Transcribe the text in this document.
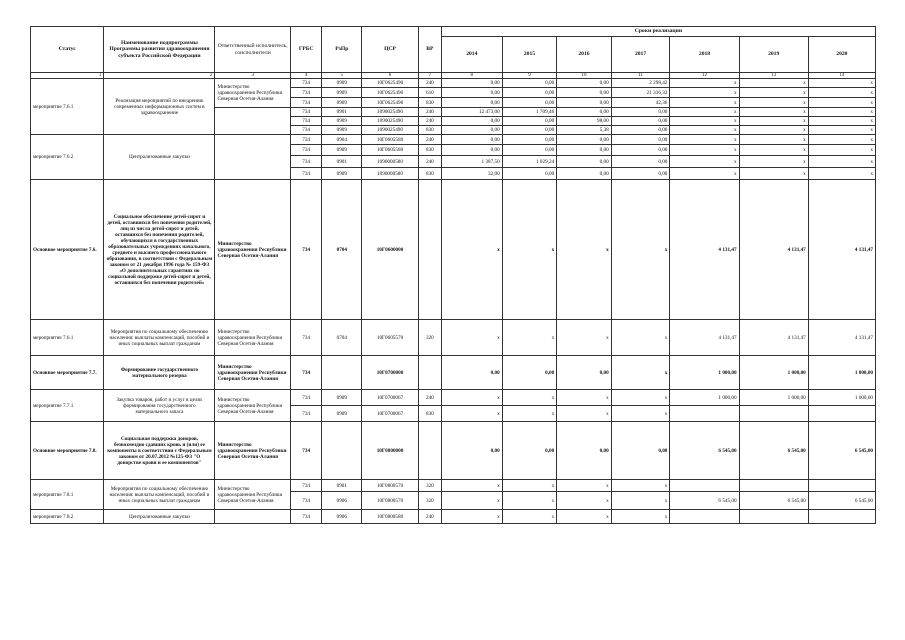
Статус	Наименование подпрограммы Программы развития здравоохранения субъекта Российской Федерации	Ответственный исполнитель, соисполнители	ГРБС	РзПр	ЦСР	ВР	Сроки реализации						
							2014	2015	2016	2017	2018	2019	2020
1	2	3	4	5	6	7	8	9	10	11	12	13	14
мероприятие 7.6.1	Реализация мероприятий по внедрению современных информационных систем в здравоохранение	Министерство здравоохранения Республики Северная Осетия-Алания	734	0909	10Г0625490	240	0,00	0,00	0,00	2 298,42	x	x	x
			734	0909	10Г0625490	610	0,00	0,00	0,00	21 336,33	x	x	x
			734	0909	10Г0625490	830	0,00	0,00	0,00	42,36	x	x	x
			734	0901	1090025490	240	12 473,00	1 709,46	0,00	0,00	x	x	x
			734	0909	1090025490	240	0,00	0,00	98,00	0,00	x	x	x
			734	0909	1090025490	830	0,00	0,00	5,38	0,00	x	x	x
мероприятие 7.6.2	Централизованные закупки		734	0904	10Г0605580	240	0,00	0,00	0,00	0,00	x	x	x
			734	0909	10Г0605580	830	0,00	0,00	0,00	0,00	x	x	x
			734	0901	1090000580	240	1 387,50	1 029,24	0,00	0,00	x	x	x
			734	0909	1090000580	830	32,00	0,00	0,00	0,00	x	x	x
Основное мероприятие 7.6.	Социальное обеспечение детей-сирот и детей, оставшихся без попечения родителей, лиц из числа детей-сирот и детей, оставшихся без попечения родителей, обучающихся в государственных образовательных учреждениях начального, среднего и высшего профессионального образования, в соответствии с Федеральным законом от 21 декабря 1996 года № 159-ФЗ «О дополнительных гарантиях по социальной поддержке детей-сирот и детей, оставшихся без попечения родителей»	Министерство здравоохранения Республики Северная Осетия-Алания	734	0704	10Г0600000		x	x	x	x	4 131,47	4 131,47	4 131,47
мероприятие 7.6.1	Мероприятия по социальному обеспечению населения: выплаты компенсаций, пособий и иных социальных выплат гражданам	Министерство здравоохранения Республики Северная Осетия-Алания	734	0704	10Г0605570	320	x	x	x	x	4 131,47	4 131,47	4 131,47
Основное мероприятие 7.7.	Формирование государственного материального резерва	Министерство здравоохранения Республики Северная Осетия-Алания	734		10Г0700000		0,00	0,00	0,00	x	1 000,00	1 000,00	1 000,00
мероприятие 7.7.1	Закупка товаров, работ и услуг в целях формирования государственного материального запаса	Министерство здравоохранения Республики Северная Осетия-Алания	734	0909	10Г0700067	240	x	x	x	x	1 000,00	1 000,00	1 000,00
			734	0909	10Г0700067	830	x	x	x	x			
Основное мероприятие 7.8.	Социальная поддержка доноров, безвозмездно сдавших кровь и (или) ее компоненты в соответствии с Федеральным законом от 20.07.2012 №125-ФЗ "О донорстве крови и ее компонентов"	Министерство здравоохранения Республики Северная Осетия-Алания	734		10Г0800000		0,00	0,00	0,00	0,00	6 545,00	6 545,00	6 545,00
мероприятие 7.8.1	Мероприятия по социальному обеспечению населения: выплаты компенсаций, пособий и иных социальных выплат гражданам	Министерство здравоохранения Республики Северная Осетия-Алания	734	0901	10Г0800570	320	x	x	x	x			
			734	0906	10Г0800570	320	x	x	x	x	6 545,00	6 545,00	6 545,00
мероприятие 7.8.2	Централизованные закупки		734	0906	10Г0800580	240	x	x	x	x			
